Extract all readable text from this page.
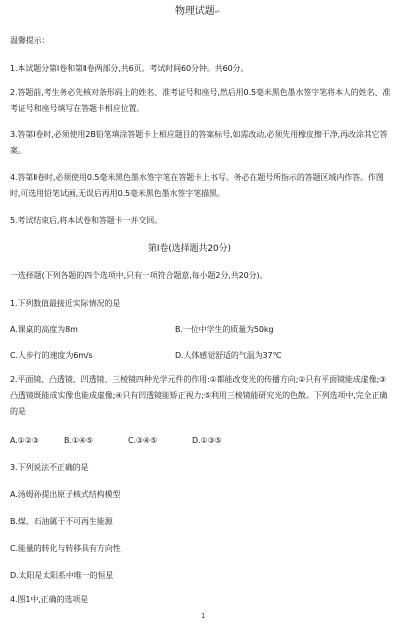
物理试题↵
温馨提示：
1.本试题分第Ⅰ卷和第Ⅱ卷两部分,共6页。考试时间60分钟。共60分。
2.答题前,考生务必先核对条形码上的姓名、准考证号和座号,然后用0.5毫米黑色墨水签字笔将本人的姓名、准考证号和座号填写在答题卡相应位置。
3.答第Ⅰ卷时,必须使用2B铅笔填涂答题卡上相应题目的答案标号,如需改动,必须先用橡皮擦干净,再改涂其它答案。
4.答第Ⅱ卷时,必须使用0.5毫米黑色墨水签字笔在答题卡上书写。务必在题号所指示的答题区域内作答。作图时,可选用铅笔试画,无误后再用0.5毫米黑色墨水签字笔描黑。
5.考试结束后,将本试卷和答题卡一并交回。
第Ⅰ卷(选择题共20分)
一选择题(下列各题的四个选项中,只有一项符合题意,每小题2分,共20分)。
1.下列数值最接近实际情况的是
A.课桌的高度为8m	B.一位中学生的质量为50kg
C.人步行的速度为6m/s	D.人体感觉舒适的气温为37℃
2.平面镜、凸透镜、凹透镜、三棱镜四种光学元件的作用:①都能改变光的传播方向;②只有平面镜能成虚像;③凸透镜既能成实像也能成虚像;④只有凹透镜能矫正视力;⑤利用三棱镜能研究光的色散。下列选项中,完全正确的是
A.①②③	B.①④⑤	C.③④⑤	D.①③⑤
3.下列说法不正确的是
A.汤姆孙提出原子核式结构模型
B.煤、石油属于不可再生能源
C.能量的转化与转移具有方向性
D.太阳是太阳系中唯一的恒星
4.图1中,正确的选项是
1
